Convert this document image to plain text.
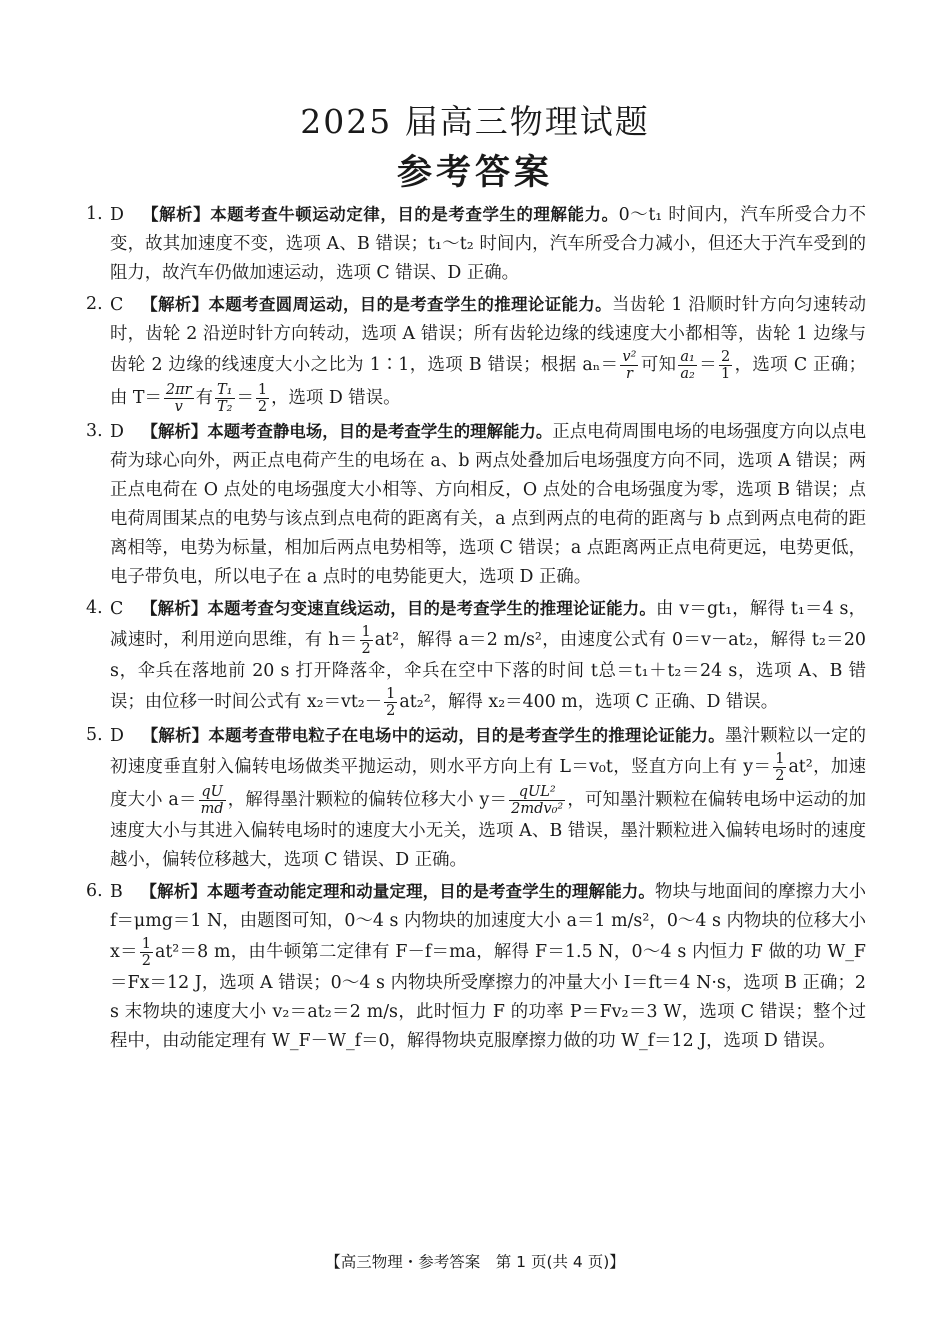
2025 届高三物理试题
参考答案

1. D 【解析】本题考查牛顿运动定律，目的是考查学生的理解能力。0～t₁ 时间内，汽车所受合力不变，故其加速度不变，选项 A、B 错误；t₁～t₂ 时间内，汽车所受合力减小，但还大于汽车受到的阻力，故汽车仍做加速运动，选项 C 错误、D 正确。

2. C 【解析】本题考查圆周运动，目的是考查学生的推理论证能力。当齿轮 1 沿顺时针方向匀速转动时，齿轮 2 沿逆时针方向转动，选项 A 错误；所有齿轮边缘的线速度大小都相等，齿轮 1 边缘与齿轮 2 边缘的线速度大小之比为 1∶1，选项 B 错误；根据 $a_n= \frac{\text{v²}}{r}$ 可知 $\frac{\text{a₁}}{\text{a₂}} = \frac{2}{1}$ ，选项 C 正确；由 $T= \frac{2\pi r}{v}$ 有 $\frac{\text{T₁}}{\text{T₂}} = \frac{1}{2}$ ，选项 D 错误。

3. D 【解析】本题考查静电场，目的是考查学生的理解能力。正点电荷周围电场的电场强度方向以点电荷为球心向外，两正点电荷产生的电场在 a、b 两点处叠加后电场强度方向不同，选项 A 错误；两正点电荷在 O 点处的电场强度大小相等、方向相反，O 点处的合电场强度为零，选项 B 错误；点电荷周围某点的电势与该点到点电荷的距离有关，a 点到两点的电荷的距离与 b 点到两点电荷的距离相等，电势为标量，相加后两点电势相等，选项 C 错误；a 点距离两正点电荷更远，电势更低，电子带负电，所以电子在 a 点时的电势能更大，选项 D 正确。

4. C 【解析】本题考查匀变速直线运动，目的是考查学生的推理论证能力。由 v＝gt₁，解得 t₁＝4 s，减速时，利用逆向思维，有 $h= \frac{1}{2} at^2$，解得 a＝2 m/s²，由速度公式有 0＝v－at₂，解得 t₂＝20 s，伞兵在落地前 20 s 打开降落伞，伞兵在空中下落的时间 t总＝t₁＋t₂＝24 s，选项 A、B 错误；由位移一时间公式有 $x_2=vt_2- \frac{1}{2} at_2^2$，解得 x₂＝400 m，选项 C 正确、D 错误。

5. D 【解析】本题考查带电粒子在电场中的运动，目的是考查学生的推理论证能力。墨汁颗粒以一定的初速度垂直射入偏转电场做类平抛运动，则水平方向上有 L＝v₀t，竖直方向上有 $y= \frac{1}{2} at^2$，加速度大小 $a= \frac{qU}{md}$ ，解得墨汁颗粒的偏转位移大小 $y= \frac{\text{qUL²}}{\text{2mdv₀²}}$ ，可知墨汁颗粒在偏转电场中运动的加速度大小与其进入偏转电场时的速度大小无关，选项 A、B 错误，墨汁颗粒进入偏转电场时的速度越小，偏转位移越大，选项 C 错误、D 正确。

6. B 【解析】本题考查动能定理和动量定理，目的是考查学生的理解能力。物块与地面间的摩擦力大小 f＝μmg＝1 N，由题图可知，0～4 s 内物块的加速度大小 a＝1 m/s²，0～4 s 内物块的位移大小 $x= \frac{1}{2} at^2=8$ m，由牛顿第二定律有 F－f＝ma，解得 F＝1.5 N，0～4 s 内恒力 F 做的功 W_F＝Fx＝12 J，选项 A 错误；0～4 s 内物块所受摩擦力的冲量大小 I＝ft＝4 N·s，选项 B 正确；2 s 末物块的速度大小 v₂＝at₂＝2 m/s，此时恒力 F 的功率 P＝Fv₂＝3 W，选项 C 错误；整个过程中，由动能定理有 W_F－W_f＝0，解得物块克服摩擦力做的功 W_f＝12 J，选项 D 错误。

【高三物理・参考答案　第 1 页(共 4 页)】
